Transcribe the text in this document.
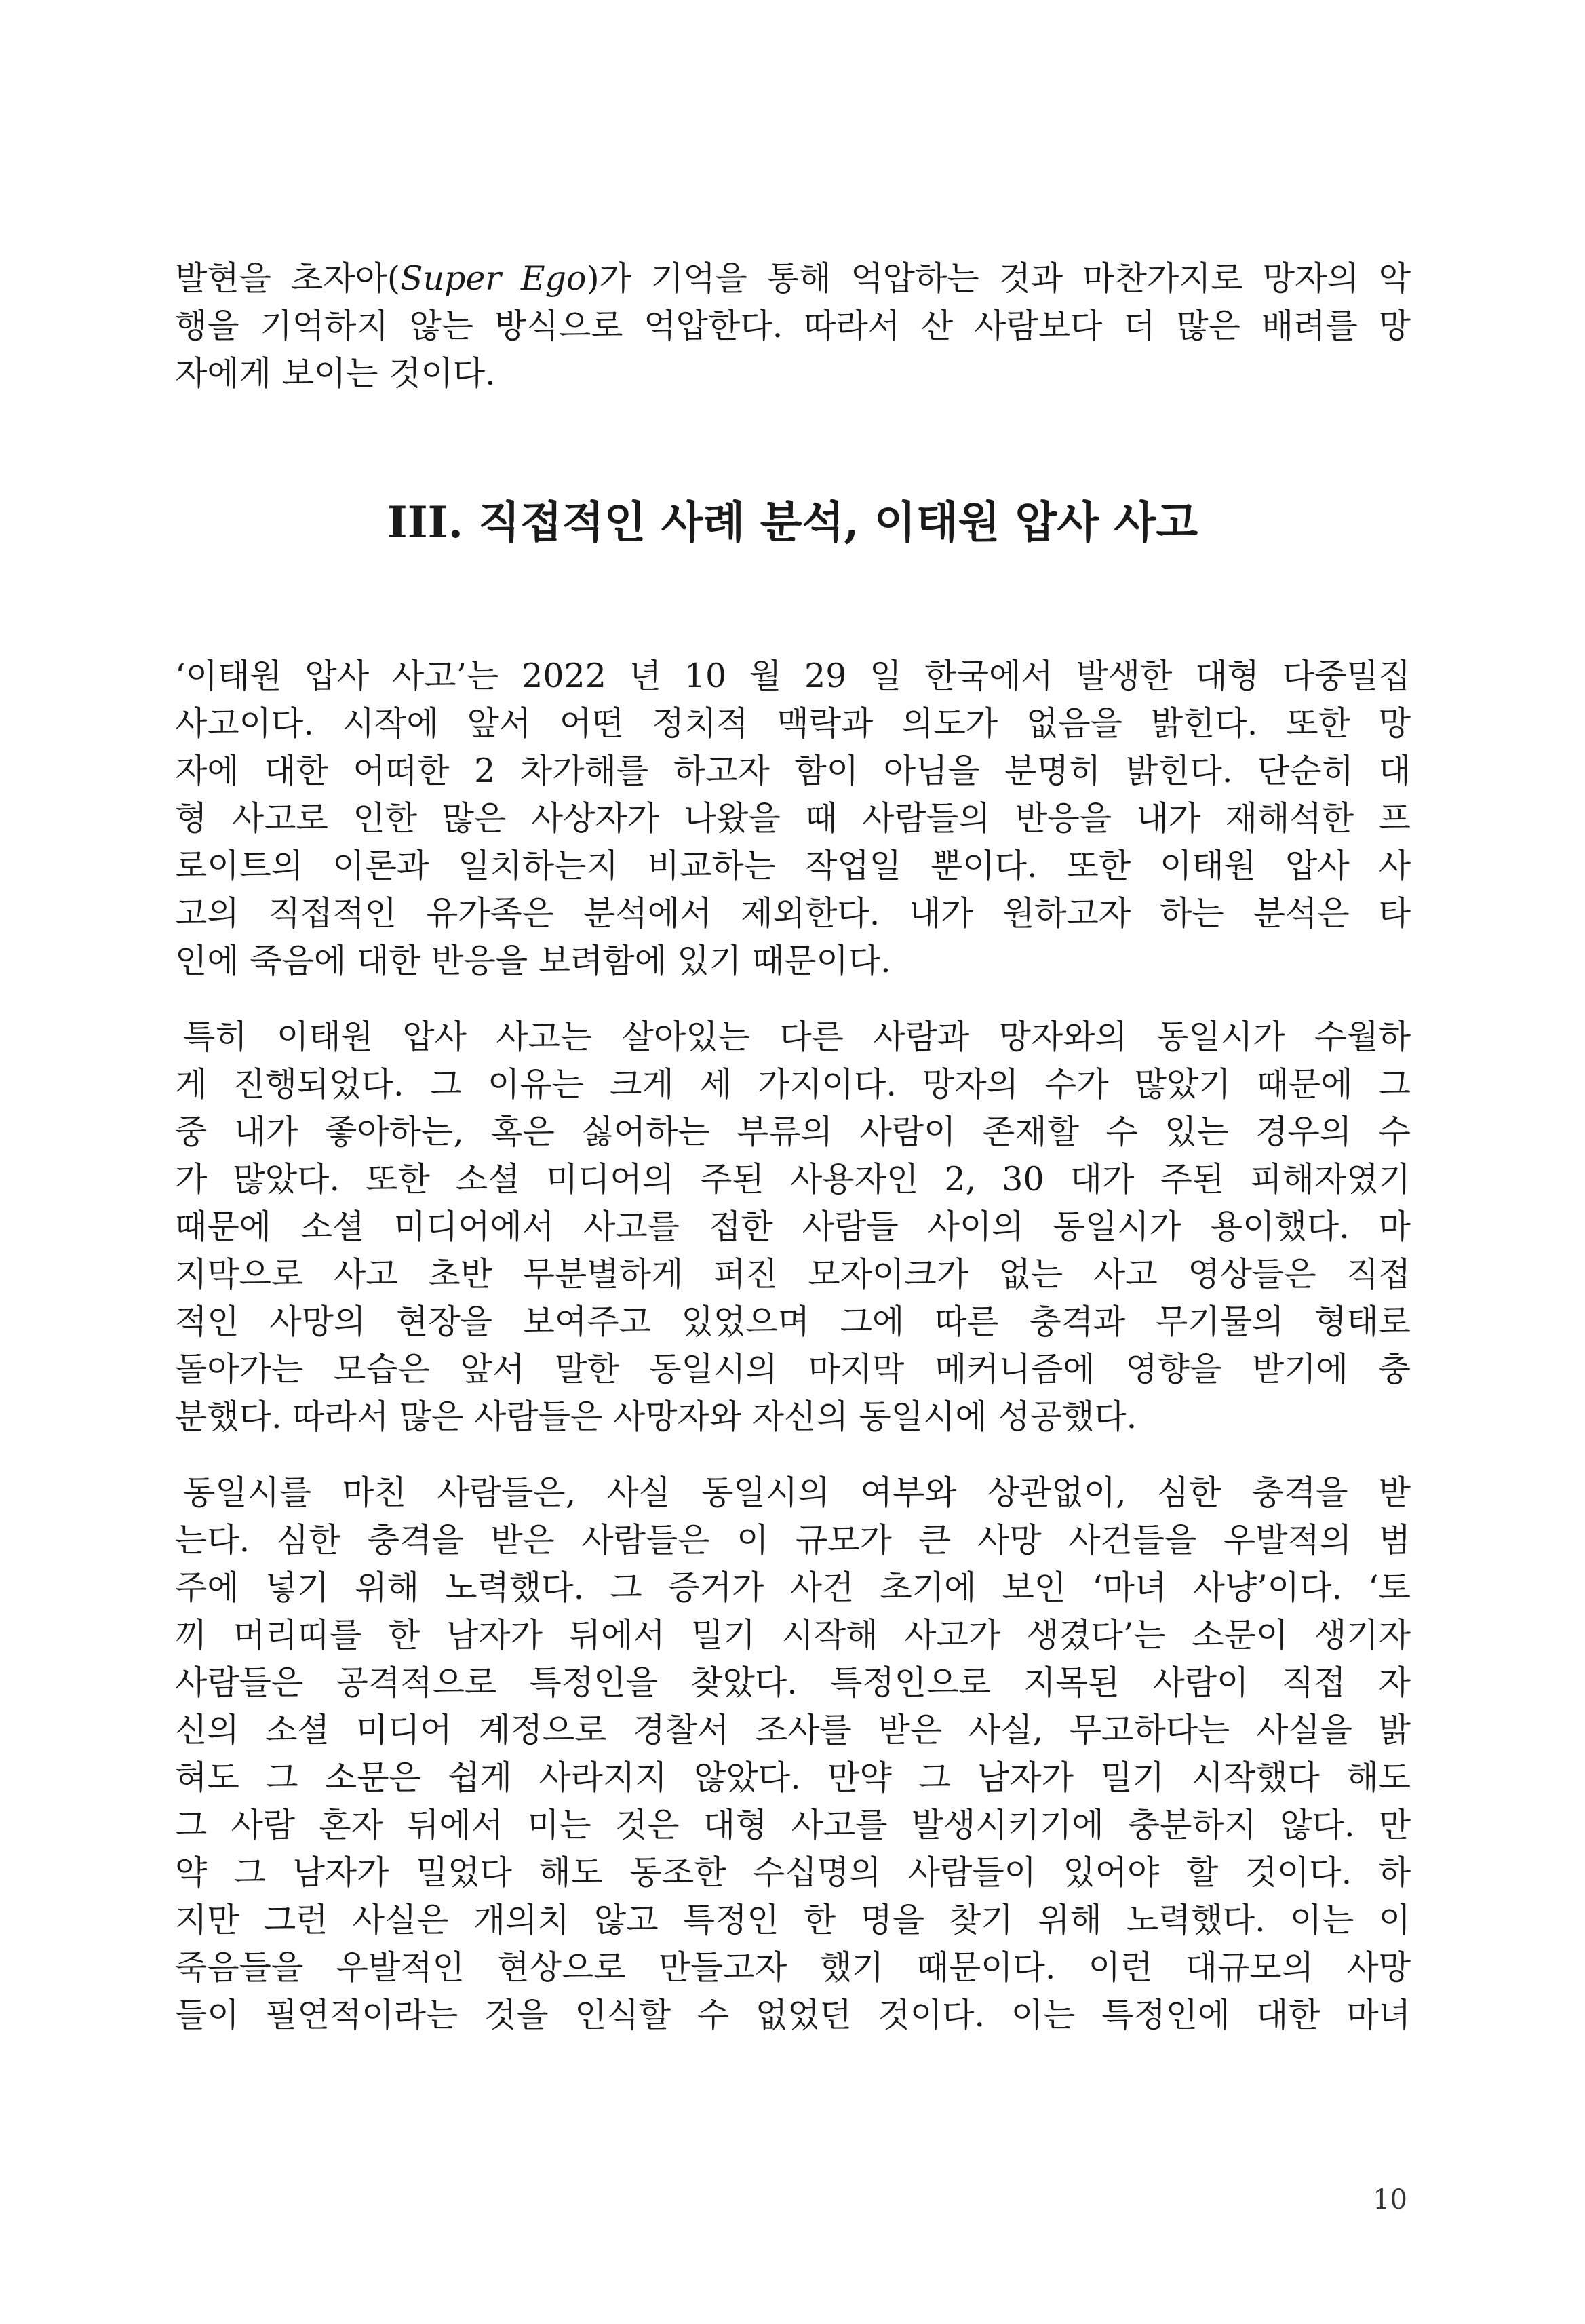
발현을 초자아(Super Ego)가 기억을 통해 억압하는 것과 마찬가지로 망자의 악
행을 기억하지 않는 방식으로 억압한다. 따라서 산 사람보다 더 많은 배려를 망
자에게 보이는 것이다.
III. 직접적인 사례 분석, 이태원 압사 사고
‘이태원 압사 사고’는 2022 년 10 월 29 일 한국에서 발생한 대형 다중밀집
사고이다. 시작에 앞서 어떤 정치적 맥락과 의도가 없음을 밝힌다. 또한 망
자에 대한 어떠한 2 차가해를 하고자 함이 아님을 분명히 밝힌다. 단순히 대
형 사고로 인한 많은 사상자가 나왔을 때 사람들의 반응을 내가 재해석한 프
로이트의 이론과 일치하는지 비교하는 작업일 뿐이다. 또한 이태원 압사 사
고의 직접적인 유가족은 분석에서 제외한다. 내가 원하고자 하는 분석은 타
인에 죽음에 대한 반응을 보려함에 있기 때문이다.
특히 이태원 압사 사고는 살아있는 다른 사람과 망자와의 동일시가 수월하
게 진행되었다. 그 이유는 크게 세 가지이다. 망자의 수가 많았기 때문에 그
중 내가 좋아하는, 혹은 싫어하는 부류의 사람이 존재할 수 있는 경우의 수
가 많았다. 또한 소셜 미디어의 주된 사용자인 2, 30 대가 주된 피해자였기
때문에 소셜 미디어에서 사고를 접한 사람들 사이의 동일시가 용이했다. 마
지막으로 사고 초반 무분별하게 퍼진 모자이크가 없는 사고 영상들은 직접
적인 사망의 현장을 보여주고 있었으며 그에 따른 충격과 무기물의 형태로
돌아가는 모습은 앞서 말한 동일시의 마지막 메커니즘에 영향을 받기에 충
분했다. 따라서 많은 사람들은 사망자와 자신의 동일시에 성공했다.
동일시를 마친 사람들은, 사실 동일시의 여부와 상관없이, 심한 충격을 받
는다. 심한 충격을 받은 사람들은 이 규모가 큰 사망 사건들을 우발적의 범
주에 넣기 위해 노력했다. 그 증거가 사건 초기에 보인 ‘마녀 사냥’이다. ‘토
끼 머리띠를 한 남자가 뒤에서 밀기 시작해 사고가 생겼다’는 소문이 생기자
사람들은 공격적으로 특정인을 찾았다. 특정인으로 지목된 사람이 직접 자
신의 소셜 미디어 계정으로 경찰서 조사를 받은 사실, 무고하다는 사실을 밝
혀도 그 소문은 쉽게 사라지지 않았다. 만약 그 남자가 밀기 시작했다 해도
그 사람 혼자 뒤에서 미는 것은 대형 사고를 발생시키기에 충분하지 않다. 만
약 그 남자가 밀었다 해도 동조한 수십명의 사람들이 있어야 할 것이다. 하
지만 그런 사실은 개의치 않고 특정인 한 명을 찾기 위해 노력했다. 이는 이
죽음들을 우발적인 현상으로 만들고자 했기 때문이다. 이런 대규모의 사망
들이 필연적이라는 것을 인식할 수 없었던 것이다. 이는 특정인에 대한 마녀
10
